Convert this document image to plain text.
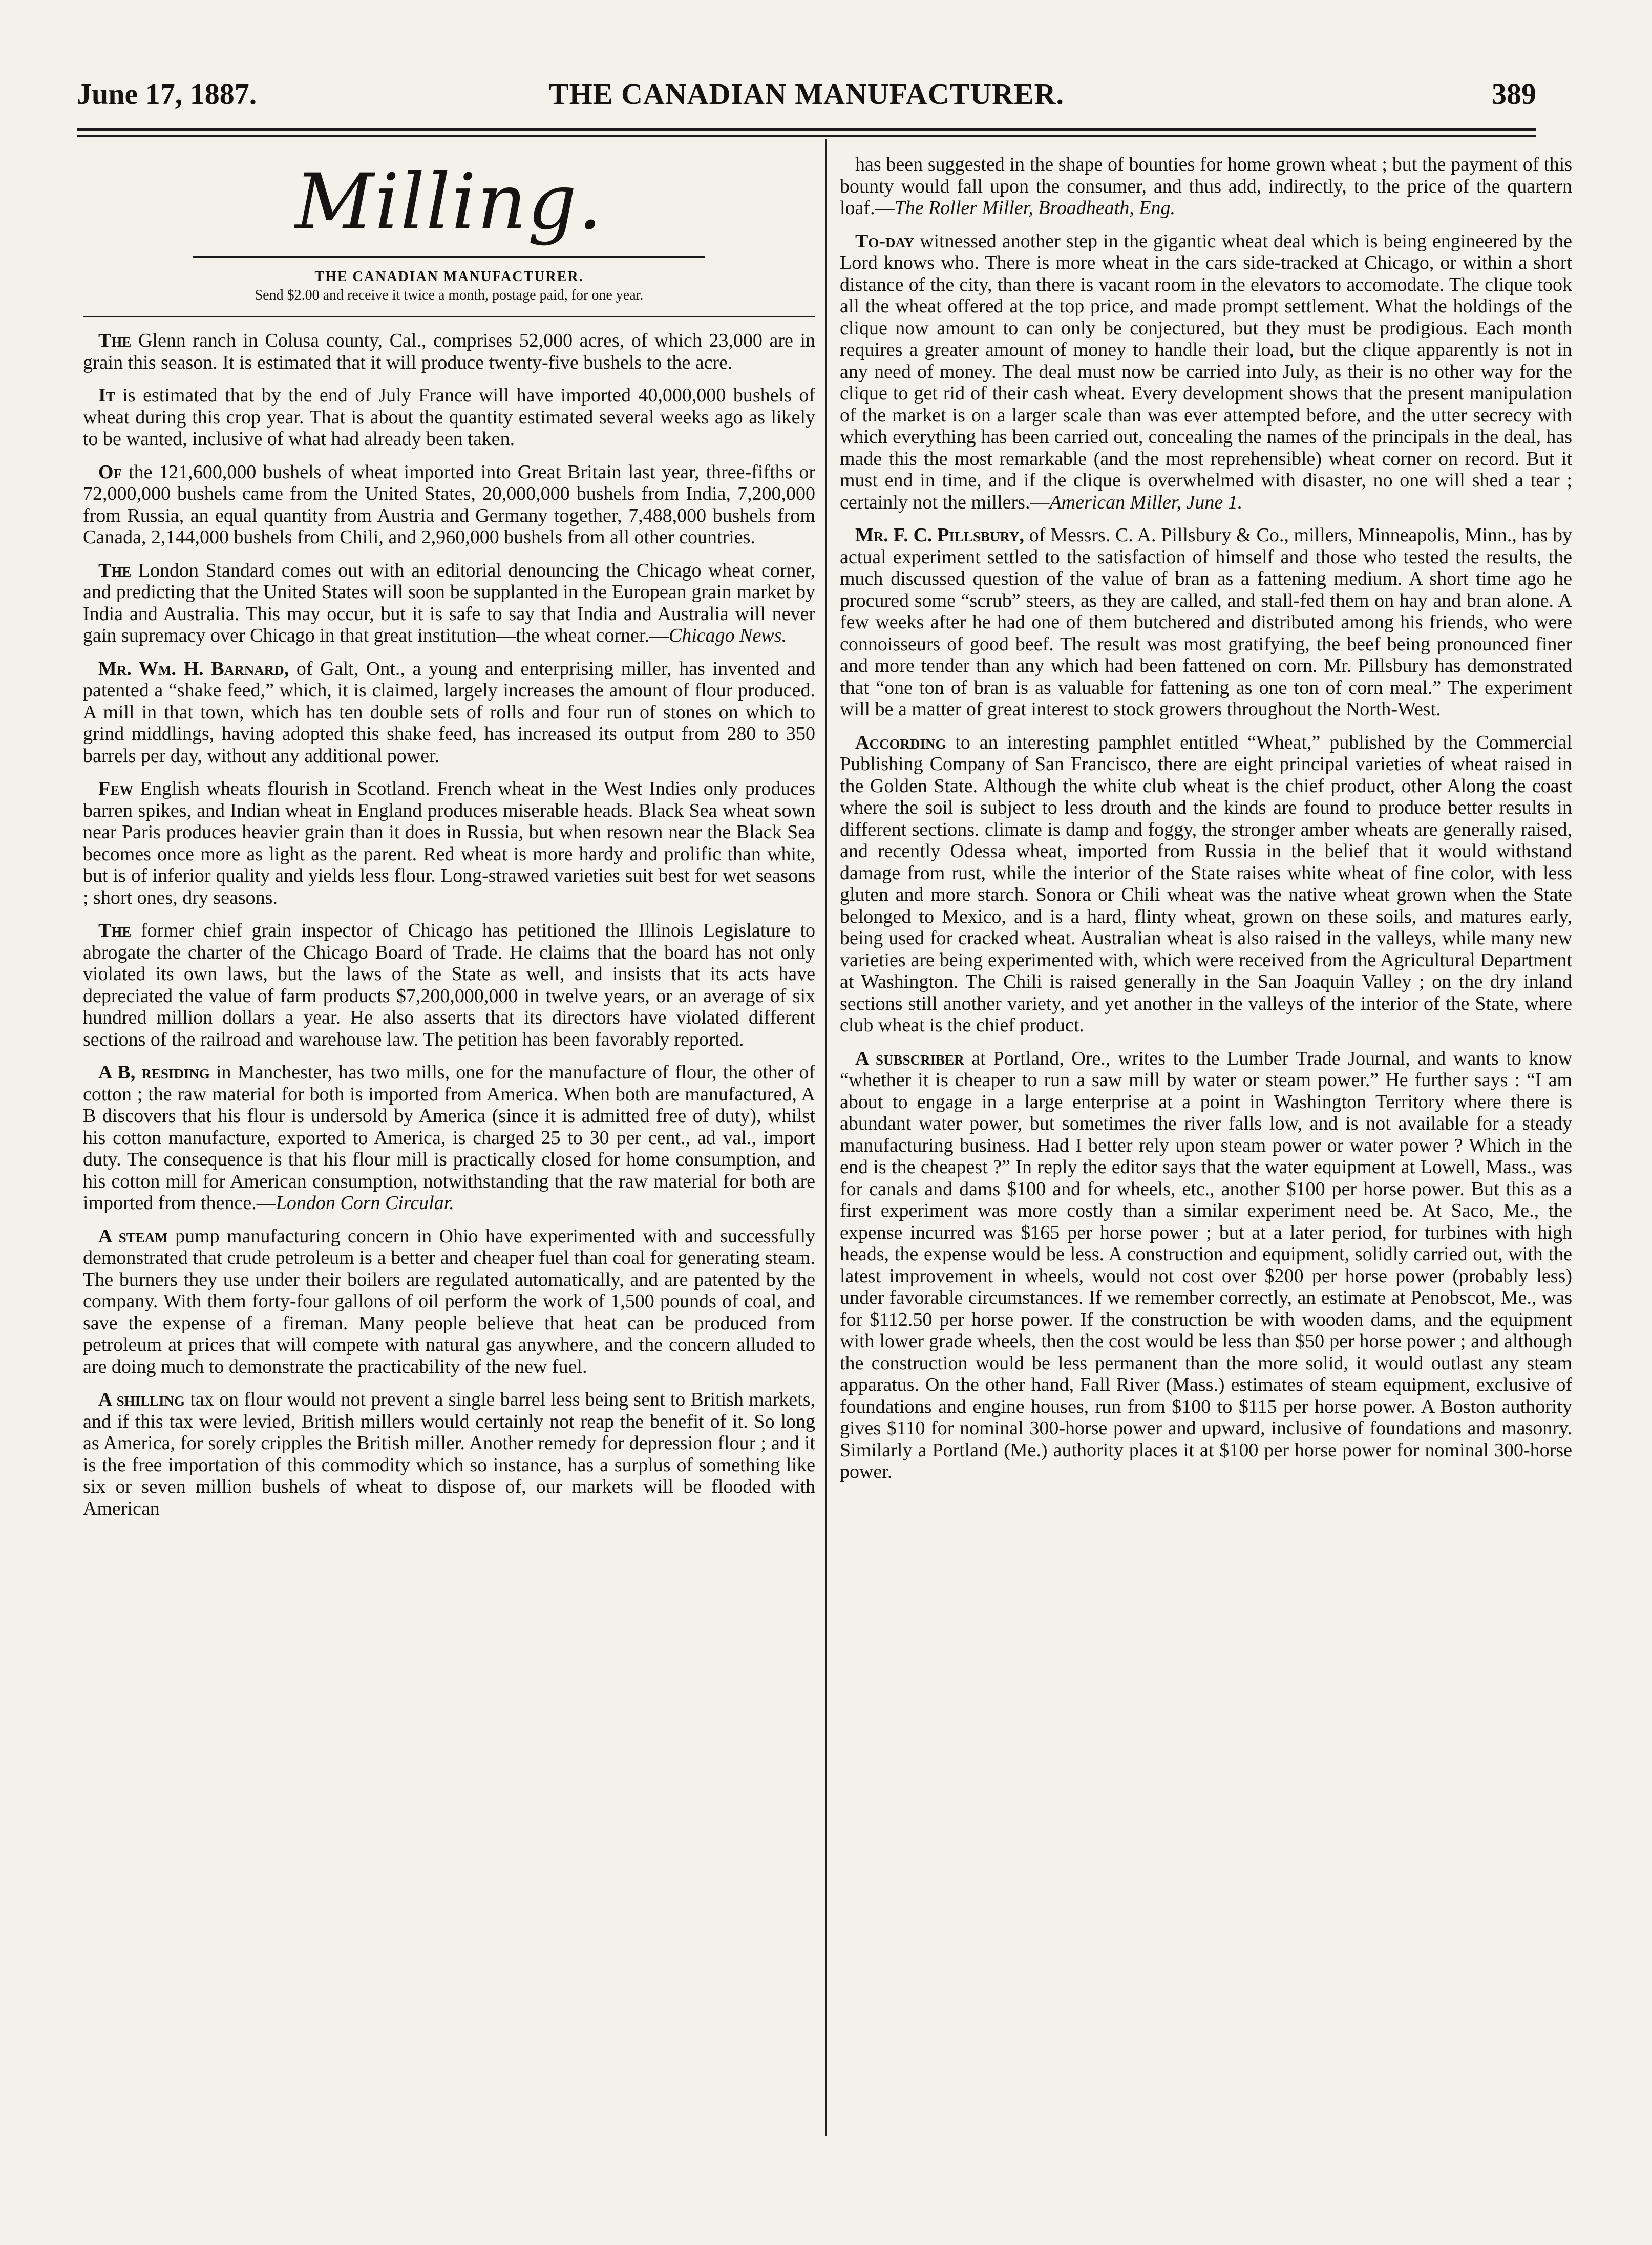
June 17, 1887.	THE CANADIAN MANUFACTURER.	389
Milling.
THE CANADIAN MANUFACTURER.
Send $2.00 and receive it twice a month, postage paid, for one year.

The Glenn ranch in Colusa county, Cal., comprises 52,000 acres, of which 23,000 are in grain this season. It is estimated that it will produce twenty-five bushels to the acre.

It is estimated that by the end of July France will have imported 40,000,000 bushels of wheat during this crop year. That is about the quantity estimated several weeks ago as likely to be wanted, inclusive of what had already been taken.

Of the 121,600,000 bushels of wheat imported into Great Britain last year, three-fifths or 72,000,000 bushels came from the United States, 20,000,000 bushels from India, 7,200,000 from Russia, an equal quantity from Austria and Germany together, 7,488,000 bushels from Canada, 2,144,000 bushels from Chili, and 2,960,000 bushels from all other countries.

The London Standard comes out with an editorial denouncing the Chicago wheat corner, and predicting that the United States will soon be supplanted in the European grain market by India and Australia. This may occur, but it is safe to say that India and Australia will never gain supremacy over Chicago in that great institution—the wheat corner.—Chicago News.

Mr. Wm. H. Barnard, of Galt, Ont., a young and enterprising miller, has invented and patented a “shake feed,” which, it is claimed, largely increases the amount of flour produced. A mill in that town, which has ten double sets of rolls and four run of stones on which to grind middlings, having adopted this shake feed, has increased its output from 280 to 350 barrels per day, without any additional power.

Few English wheats flourish in Scotland. French wheat in the West Indies only produces barren spikes, and Indian wheat in England produces miserable heads. Black Sea wheat sown near Paris produces heavier grain than it does in Russia, but when resown near the Black Sea becomes once more as light as the parent. Red wheat is more hardy and prolific than white, but is of inferior quality and yields less flour. Long-strawed varieties suit best for wet seasons ; short ones, dry seasons.

The former chief grain inspector of Chicago has petitioned the Illinois Legislature to abrogate the charter of the Chicago Board of Trade. He claims that the board has not only violated its own laws, but the laws of the State as well, and insists that its acts have depreciated the value of farm products $7,200,000,000 in twelve years, or an average of six hundred million dollars a year. He also asserts that its directors have violated different sections of the railroad and warehouse law. The petition has been favorably reported.

A B, residing in Manchester, has two mills, one for the manufacture of flour, the other of cotton ; the raw material for both is imported from America. When both are manufactured, A B discovers that his flour is undersold by America (since it is admitted free of duty), whilst his cotton manufacture, exported to America, is charged 25 to 30 per cent., ad val., import duty. The consequence is that his flour mill is practically closed for home consumption, and his cotton mill for American consumption, notwithstanding that the raw material for both are imported from thence.—London Corn Circular.

A steam pump manufacturing concern in Ohio have experimented with and successfully demonstrated that crude petroleum is a better and cheaper fuel than coal for generating steam. The burners they use under their boilers are regulated automatically, and are patented by the company. With them forty-four gallons of oil perform the work of 1,500 pounds of coal, and save the expense of a fireman. Many people believe that heat can be produced from petroleum at prices that will compete with natural gas anywhere, and the concern alluded to are doing much to demonstrate the practicability of the new fuel.

A shilling tax on flour would not prevent a single barrel less being sent to British markets, and if this tax were levied, British millers would certainly not reap the benefit of it. So long as America, for sorely cripples the British miller. Another remedy for depression flour ; and it is the free importation of this commodity which so instance, has a surplus of something like six or seven million bushels of wheat to dispose of, our markets will be flooded with American

has been suggested in the shape of bounties for home grown wheat ; but the payment of this bounty would fall upon the consumer, and thus add, indirectly, to the price of the quartern loaf.—The Roller Miller, Broadheath, Eng.

To-day witnessed another step in the gigantic wheat deal which is being engineered by the Lord knows who. There is more wheat in the cars side-tracked at Chicago, or within a short distance of the city, than there is vacant room in the elevators to accomodate. The clique took all the wheat offered at the top price, and made prompt settlement. What the holdings of the clique now amount to can only be conjectured, but they must be prodigious. Each month requires a greater amount of money to handle their load, but the clique apparently is not in any need of money. The deal must now be carried into July, as their is no other way for the clique to get rid of their cash wheat. Every development shows that the present manipulation of the market is on a larger scale than was ever attempted before, and the utter secrecy with which everything has been carried out, concealing the names of the principals in the deal, has made this the most remarkable (and the most reprehensible) wheat corner on record. But it must end in time, and if the clique is overwhelmed with disaster, no one will shed a tear ; certainly not the millers.—American Miller, June 1.

Mr. F. C. Pillsbury, of Messrs. C. A. Pillsbury & Co., millers, Minneapolis, Minn., has by actual experiment settled to the satisfaction of himself and those who tested the results, the much discussed question of the value of bran as a fattening medium. A short time ago he procured some “scrub” steers, as they are called, and stall-fed them on hay and bran alone. A few weeks after he had one of them butchered and distributed among his friends, who were connoisseurs of good beef. The result was most gratifying, the beef being pronounced finer and more tender than any which had been fattened on corn. Mr. Pillsbury has demonstrated that “one ton of bran is as valuable for fattening as one ton of corn meal.” The experiment will be a matter of great interest to stock growers throughout the North-West.

According to an interesting pamphlet entitled “Wheat,” published by the Commercial Publishing Company of San Francisco, there are eight principal varieties of wheat raised in the Golden State. Although the white club wheat is the chief product, other Along the coast where the soil is subject to less drouth and the kinds are found to produce better results in different sections. climate is damp and foggy, the stronger amber wheats are generally raised, and recently Odessa wheat, imported from Russia in the belief that it would withstand damage from rust, while the interior of the State raises white wheat of fine color, with less gluten and more starch. Sonora or Chili wheat was the native wheat grown when the State belonged to Mexico, and is a hard, flinty wheat, grown on these soils, and matures early, being used for cracked wheat. Australian wheat is also raised in the valleys, while many new varieties are being experimented with, which were received from the Agricultural Department at Washington. The Chili is raised generally in the San Joaquin Valley ; on the dry inland sections still another variety, and yet another in the valleys of the interior of the State, where club wheat is the chief product.

A subscriber at Portland, Ore., writes to the Lumber Trade Journal, and wants to know “whether it is cheaper to run a saw mill by water or steam power.” He further says : “I am about to engage in a large enterprise at a point in Washington Territory where there is abundant water power, but sometimes the river falls low, and is not available for a steady manufacturing business. Had I better rely upon steam power or water power ? Which in the end is the cheapest ?” In reply the editor says that the water equipment at Lowell, Mass., was for canals and dams $100 and for wheels, etc., another $100 per horse power. But this as a first experiment was more costly than a similar experiment need be. At Saco, Me., the expense incurred was $165 per horse power ; but at a later period, for turbines with high heads, the expense would be less. A construction and equipment, solidly carried out, with the latest improvement in wheels, would not cost over $200 per horse power (probably less) under favorable circumstances. If we remember correctly, an estimate at Penobscot, Me., was for $112.50 per horse power. If the construction be with wooden dams, and the equipment with lower grade wheels, then the cost would be less than $50 per horse power ; and although the construction would be less permanent than the more solid, it would outlast any steam apparatus. On the other hand, Fall River (Mass.) estimates of steam equipment, exclusive of foundations and engine houses, run from $100 to $115 per horse power. A Boston authority gives $110 for nominal 300-horse power and upward, inclusive of foundations and masonry. Similarly a Portland (Me.) authority places it at $100 per horse power for nominal 300-horse power.
